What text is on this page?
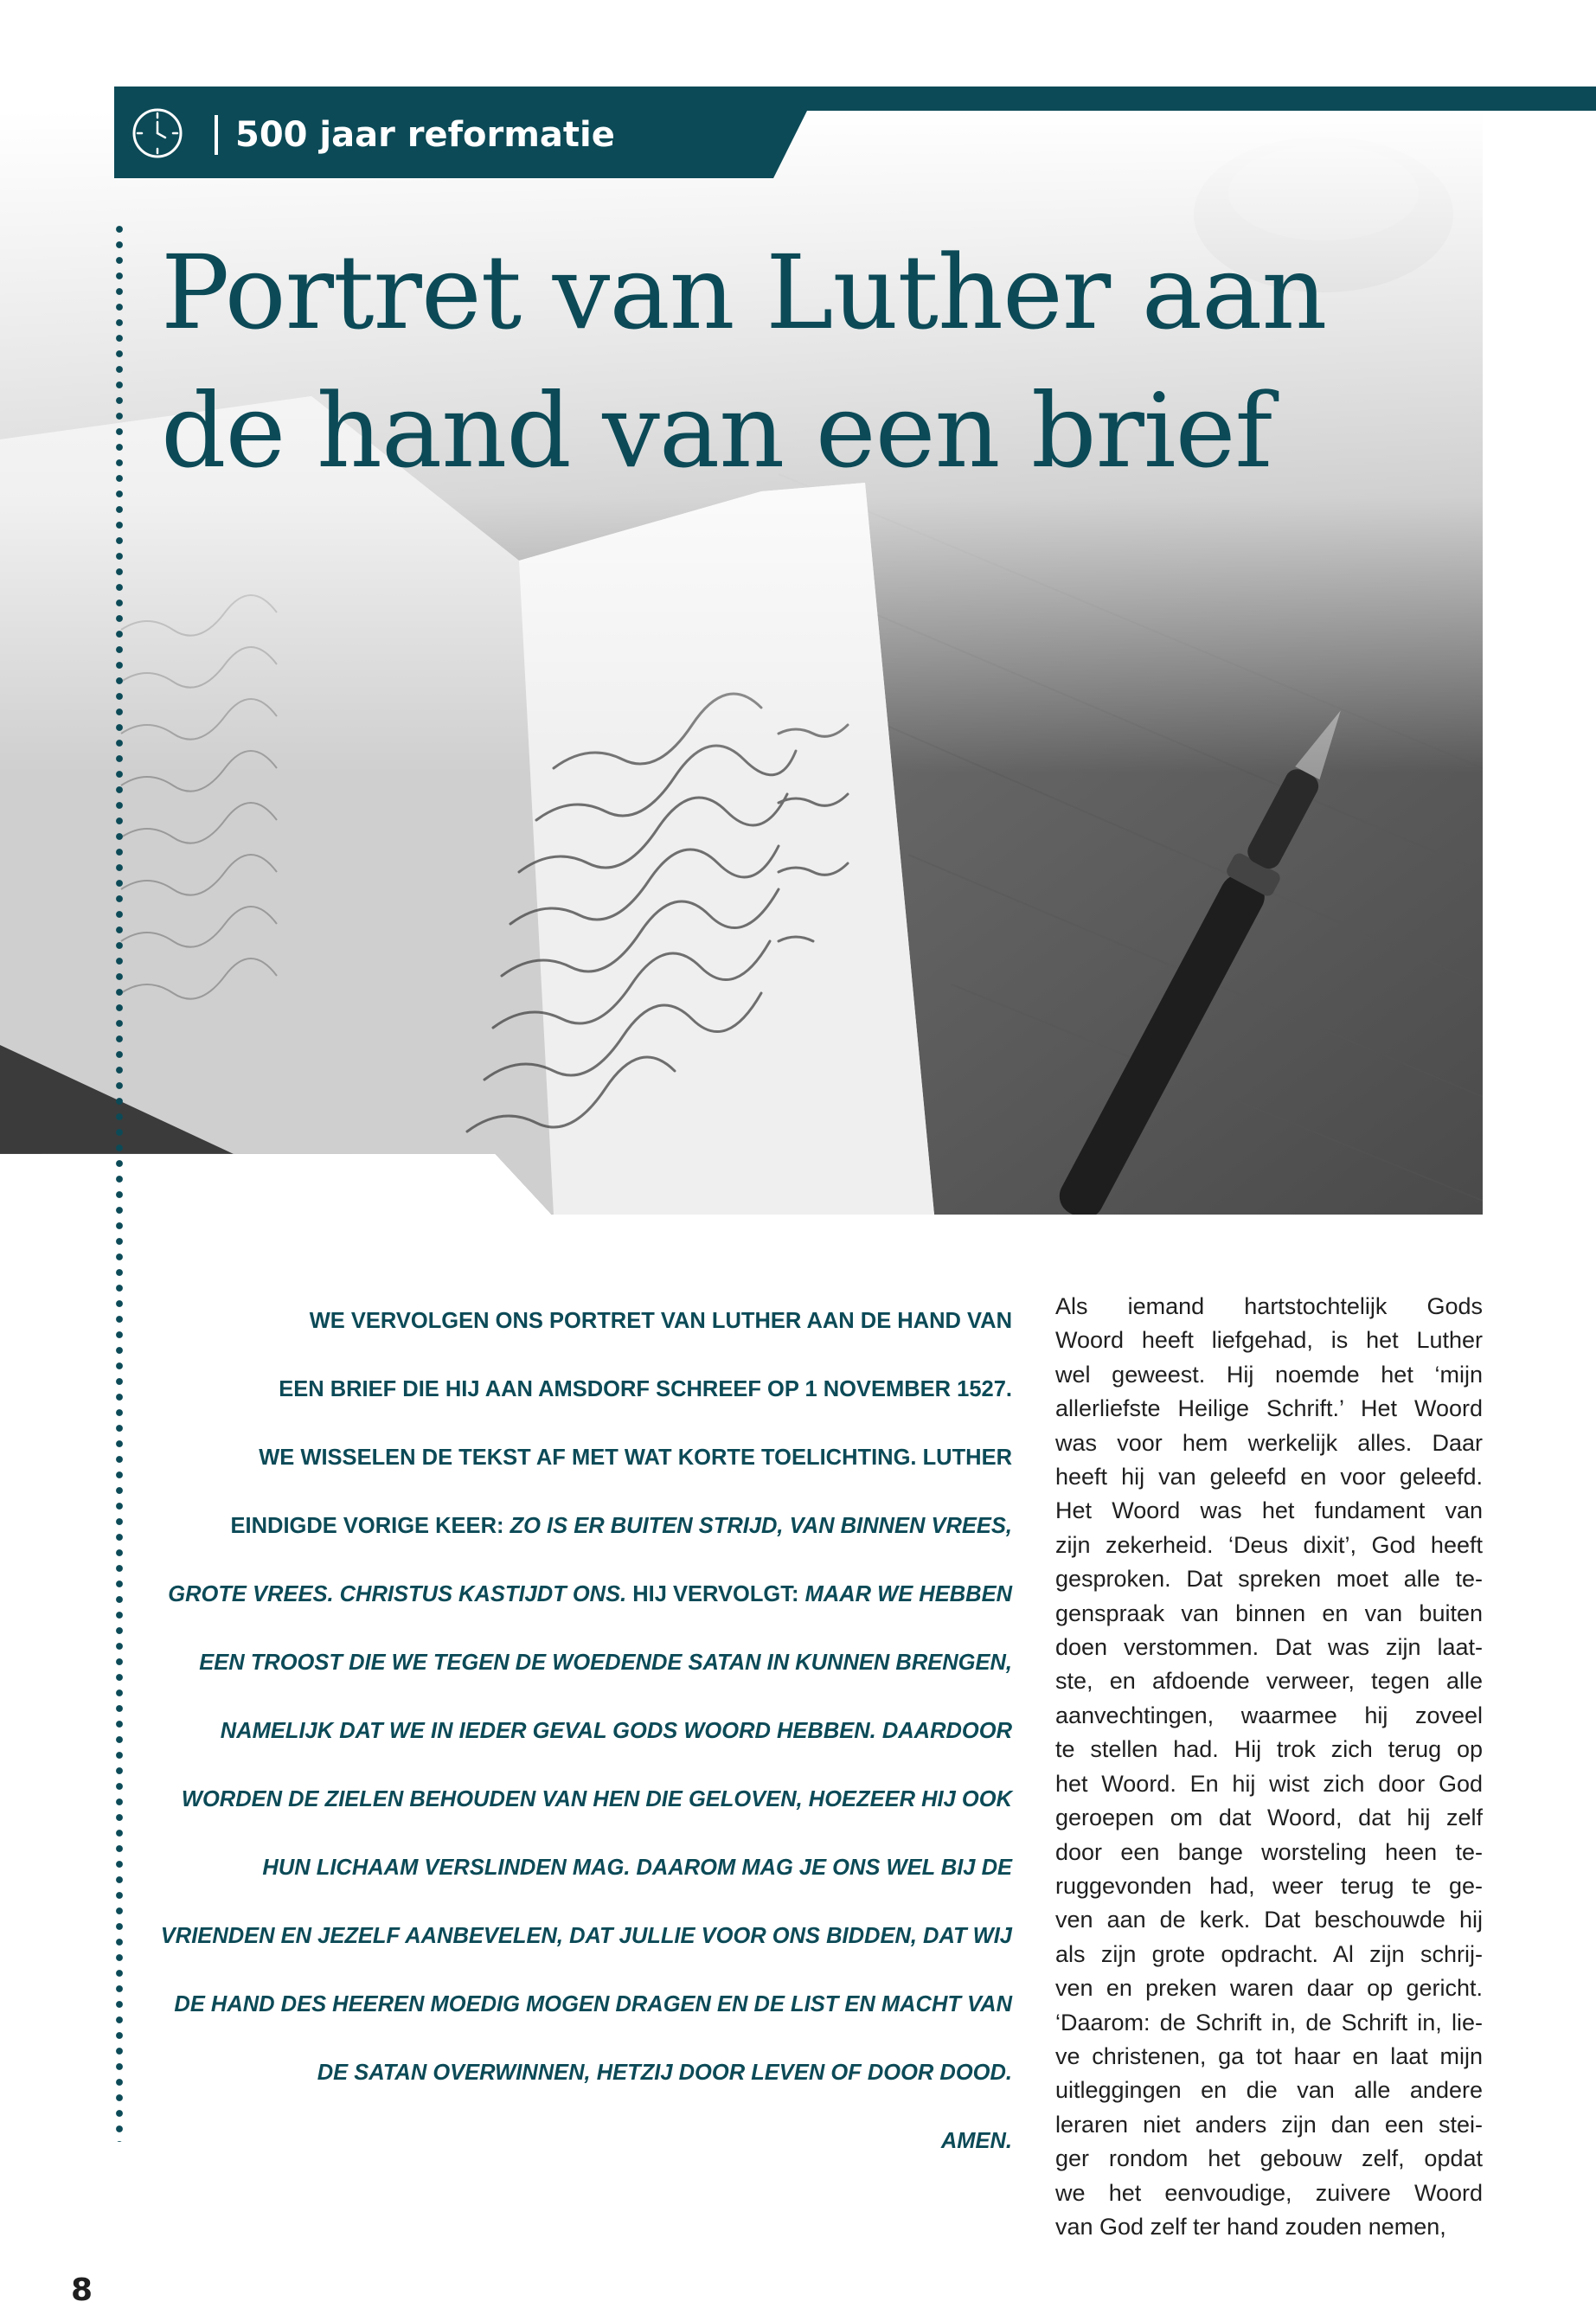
500 jaar reformatie
Portret van Luther aan
de hand van een brief

WE VERVOLGEN ONS PORTRET VAN LUTHER AAN DE HAND VAN
EEN BRIEF DIE HIJ AAN AMSDORF SCHREEF OP 1 NOVEMBER 1527.
WE WISSELEN DE TEKST AF MET WAT KORTE TOELICHTING. LUTHER
EINDIGDE VORIGE KEER: ZO IS ER BUITEN STRIJD, VAN BINNEN VREES,
GROTE VREES. CHRISTUS KASTIJDT ONS. HIJ VERVOLGT: MAAR WE HEBBEN
EEN TROOST DIE WE TEGEN DE WOEDENDE SATAN IN KUNNEN BRENGEN,
NAMELIJK DAT WE IN IEDER GEVAL GODS WOORD HEBBEN. DAARDOOR
WORDEN DE ZIELEN BEHOUDEN VAN HEN DIE GELOVEN, HOEZEER HIJ OOK
HUN LICHAAM VERSLINDEN MAG. DAAROM MAG JE ONS WEL BIJ DE
VRIENDEN EN JEZELF AANBEVELEN, DAT JULLIE VOOR ONS BIDDEN, DAT WIJ
DE HAND DES HEEREN MOEDIG MOGEN DRAGEN EN DE LIST EN MACHT VAN
DE SATAN OVERWINNEN, HETZIJ DOOR LEVEN OF DOOR DOOD.
AMEN.

Als iemand hartstochtelijk Gods
Woord heeft liefgehad, is het Luther
wel geweest. Hij noemde het ‘mijn
allerliefste Heilige Schrift.’ Het Woord
was voor hem werkelijk alles. Daar
heeft hij van geleefd en voor geleefd.
Het Woord was het fundament van
zijn zekerheid. ‘Deus dixit’, God heeft
gesproken. Dat spreken moet alle te-
genspraak van binnen en van buiten
doen verstommen. Dat was zijn laat-
ste, en afdoende verweer, tegen alle
aanvechtingen, waarmee hij zoveel
te stellen had. Hij trok zich terug op
het Woord. En hij wist zich door God
geroepen om dat Woord, dat hij zelf
door een bange worsteling heen te-
ruggevonden had, weer terug te ge-
ven aan de kerk. Dat beschouwde hij
als zijn grote opdracht. Al zijn schrij-
ven en preken waren daar op gericht.
‘Daarom: de Schrift in, de Schrift in, lie-
ve christenen, ga tot haar en laat mijn
uitleggingen en die van alle andere
leraren niet anders zijn dan een stei-
ger rondom het gebouw zelf, opdat
we het eenvoudige, zuivere Woord
van God zelf ter hand zouden nemen,

8
